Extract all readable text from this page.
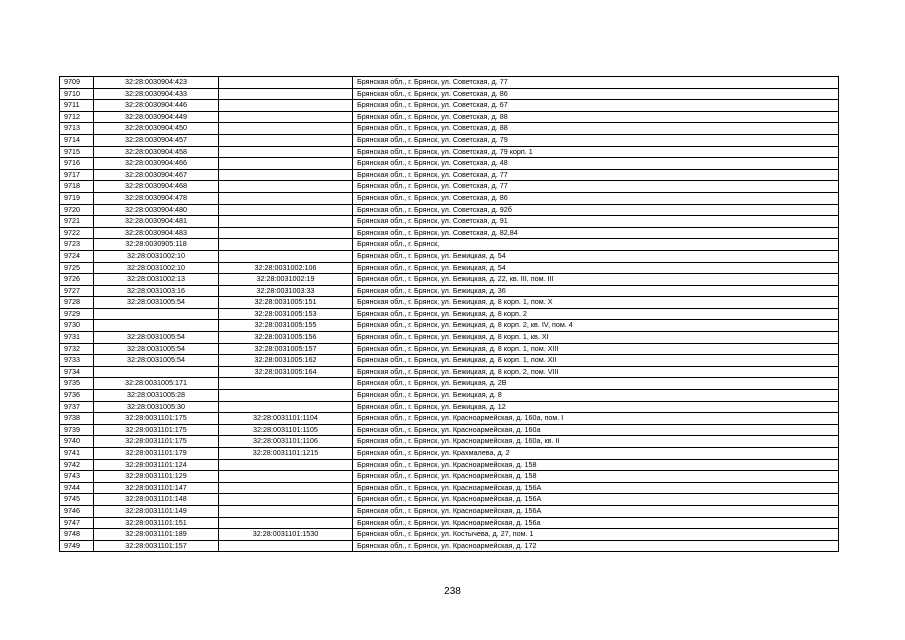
9709	32:28:0030904:423		Брянская обл., г. Брянск, ул. Советская, д. 77
9710	32:28:0030904:433		Брянская обл., г. Брянск, ул. Советская, д. 86
9711	32:28:0030904:446		Брянская обл., г. Брянск, ул. Советская, д. 67
9712	32:28:0030904:449		Брянская обл., г. Брянск, ул. Советская, д. 88
9713	32:28:0030904:450		Брянская обл., г. Брянск, ул. Советская, д. 88
9714	32:28:0030904:457		Брянская обл., г. Брянск, ул. Советская, д. 79
9715	32:28:0030904:458		Брянская обл., г. Брянск, ул. Советская, д. 79 корп. 1
9716	32:28:0030904:466		Брянская обл., г. Брянск, ул. Советская, д. 48
9717	32:28:0030904:467		Брянская обл., г. Брянск, ул. Советская, д. 77
9718	32:28:0030904:468		Брянская обл., г. Брянск, ул. Советская, д. 77
9719	32:28:0030904:478		Брянская обл., г. Брянск, ул. Советская, д. 86
9720	32:28:0030904:480		Брянская обл., г. Брянск, ул. Советская, д. 92б
9721	32:28:0030904:481		Брянская обл., г. Брянск, ул. Советская, д. 91
9722	32:28:0030904:483		Брянская обл., г. Брянск, ул. Советская, д. 82,84
9723	32:28:0030905:118		Брянская обл., г. Брянск,
9724	32:28:0031002:10		Брянская обл., г. Брянск, ул. Бежицкая, д. 54
9725	32:28:0031002:10	32:28:0031002:106	Брянская обл., г. Брянск, ул. Бежицкая, д. 54
9726	32:28:0031002:13	32:28:0031002:19	Брянская обл., г. Брянск, ул. Бежицкая, д. 22, кв. III, пом. III
9727	32:28:0031003:16	32:28:0031003:33	Брянская обл., г. Брянск, ул. Бежицкая, д. 36
9728	32:28:0031005:54	32:28:0031005:151	Брянская обл., г. Брянск, ул. Бежицкая, д. 8 корп. 1, пом. X
9729		32:28:0031005:153	Брянская обл., г. Брянск, ул. Бежицкая, д. 8 корп. 2
9730		32:28:0031005:155	Брянская обл., г. Брянск, ул. Бежицкая, д. 8 корп. 2, кв. IV, пом. 4
9731	32:28:0031005:54	32:28:0031005:156	Брянская обл., г. Брянск, ул. Бежицкая, д. 8 корп. 1, кв. XI
9732	32:28:0031005:54	32:28:0031005:157	Брянская обл., г. Брянск, ул. Бежицкая, д. 8 корп. 1, пом. XIII
9733	32:28:0031005:54	32:28:0031005:162	Брянская обл., г. Брянск, ул. Бежицкая, д. 8 корп. 1, пом. XII
9734		32:28:0031005:164	Брянская обл., г. Брянск, ул. Бежицкая, д. 8 корп. 2, пом. VIII
9735	32:28:0031005:171		Брянская обл., г. Брянск, ул. Бежицкая, д. 2В
9736	32:28:0031005:28		Брянская обл., г. Брянск, ул. Бежицкая, д. 8
9737	32:28:0031005:30		Брянская обл., г. Брянск, ул. Бежицкая, д. 12
9738	32:28:0031101:175	32:28:0031101:1104	Брянская обл., г. Брянск, ул. Красноармейская, д. 160а, пом. I
9739	32:28:0031101:175	32:28:0031101:1105	Брянская обл., г. Брянск, ул. Красноармейская, д. 160а
9740	32:28:0031101:175	32:28:0031101:1106	Брянская обл., г. Брянск, ул. Красноармейская, д. 160а, кв. II
9741	32:28:0031101:179	32:28:0031101:1215	Брянская обл., г. Брянск, ул. Крахмалева, д. 2
9742	32:28:0031101:124		Брянская обл., г. Брянск, ул. Красноармейская, д. 158
9743	32:28:0031101:129		Брянская обл., г. Брянск, ул. Красноармейская, д. 158
9744	32:28:0031101:147		Брянская обл., г. Брянск, ул. Красноармейская, д. 156А
9745	32:28:0031101:148		Брянская обл., г. Брянск, ул. Красноармейская, д. 156А
9746	32:28:0031101:149		Брянская обл., г. Брянск, ул. Красноармейская, д. 156А
9747	32:28:0031101:151		Брянская обл., г. Брянск, ул. Красноармейская, д. 156а
9748	32:28:0031101:189	32:28:0031101:1530	Брянская обл., г. Брянск, ул. Костычева, д. 27, пом. 1
9749	32:28:0031101:157		Брянская обл., г. Брянск, ул. Красноармейская, д. 172
238
